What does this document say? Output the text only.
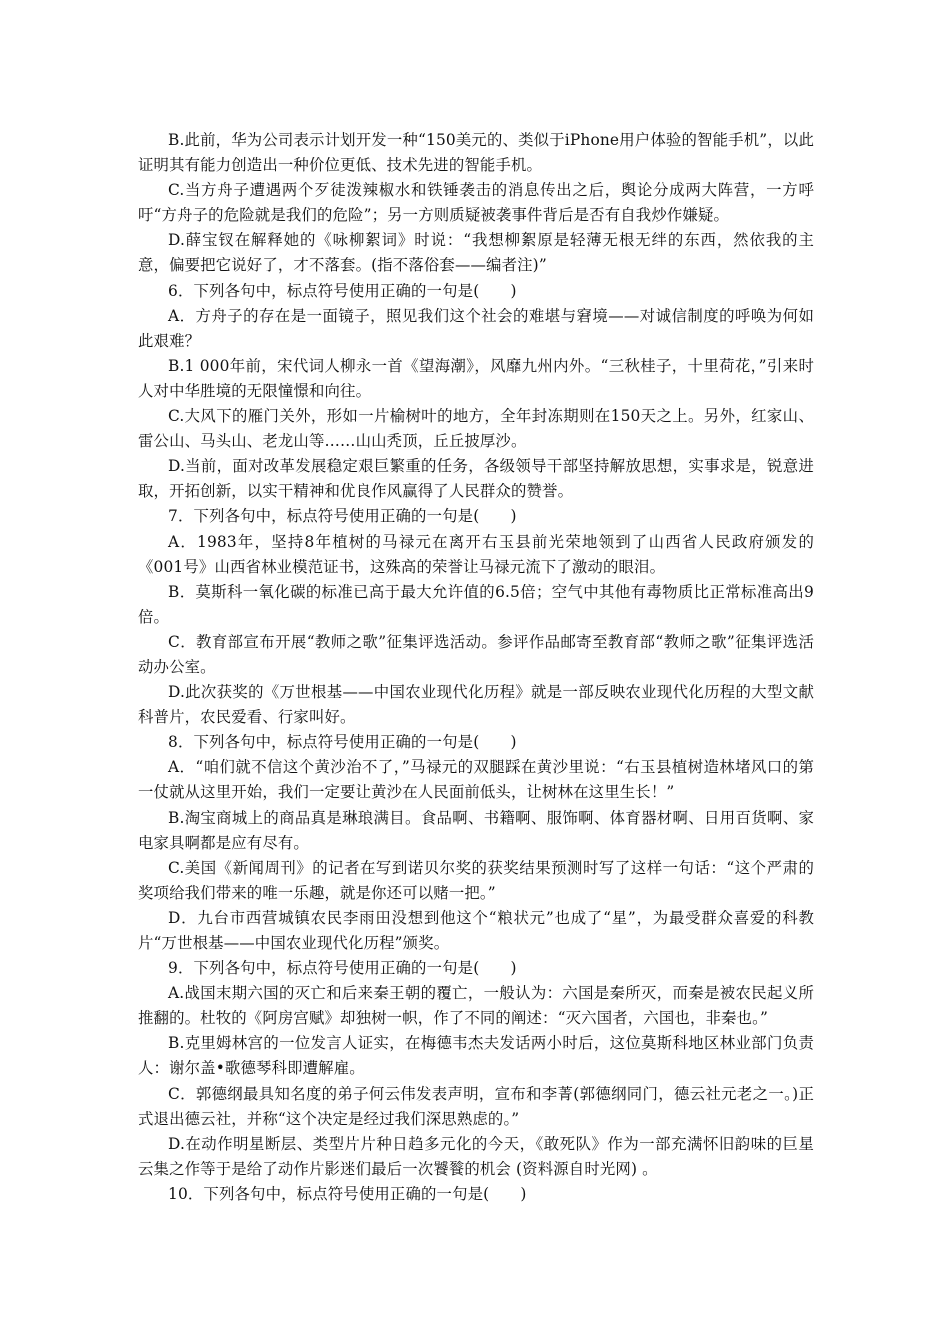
B.此前，华为公司表示计划开发一种“150美元的、类似于iPhone用户体验的智能手机”，以此证明其有能力创造出一种价位更低、技术先进的智能手机。

C.当方舟子遭遇两个歹徒泼辣椒水和铁锤袭击的消息传出之后，舆论分成两大阵营，一方呼吁“方舟子的危险就是我们的危险”；另一方则质疑被袭事件背后是否有自我炒作嫌疑。

D.薛宝钗在解释她的《咏柳絮词》时说：“我想柳絮原是轻薄无根无绊的东西，然依我的主意，偏要把它说好了，才不落套。(指不落俗套——编者注)”

6．下列各句中，标点符号使用正确的一句是(　　)

A．方舟子的存在是一面镜子，照见我们这个社会的难堪与窘境——对诚信制度的呼唤为何如此艰难？

B.1 000年前，宋代词人柳永一首《望海潮》，风靡九州内外。“三秋桂子，十里荷花，”引来时人对中华胜境的无限憧憬和向往。

C.大风下的雁门关外，形如一片榆树叶的地方，全年封冻期则在150天之上。另外，红家山、雷公山、马头山、老龙山等……山山秃顶，丘丘披厚沙。

D.当前，面对改革发展稳定艰巨繁重的任务，各级领导干部坚持解放思想，实事求是，锐意进取，开拓创新，以实干精神和优良作风赢得了人民群众的赞誉。

7．下列各句中，标点符号使用正确的一句是(　　)

A．1983年，坚持8年植树的马禄元在离开右玉县前光荣地领到了山西省人民政府颁发的《001号》山西省林业模范证书，这殊高的荣誉让马禄元流下了激动的眼泪。

B．莫斯科一氧化碳的标准已高于最大允许值的6.5倍；空气中其他有毒物质比正常标准高出9倍。

C．教育部宣布开展“教师之歌”征集评选活动。参评作品邮寄至教育部“教师之歌”征集评选活动办公室。

D.此次获奖的《万世根基——中国农业现代化历程》就是一部反映农业现代化历程的大型文献科普片，农民爱看、行家叫好。

8．下列各句中，标点符号使用正确的一句是(　　)

A．“咱们就不信这个黄沙治不了，”马禄元的双腿踩在黄沙里说：“右玉县植树造林堵风口的第一仗就从这里开始，我们一定要让黄沙在人民面前低头，让树林在这里生长！”

B.淘宝商城上的商品真是琳琅满目。食品啊、书籍啊、服饰啊、体育器材啊、日用百货啊、家电家具啊都是应有尽有。

C.美国《新闻周刊》的记者在写到诺贝尔奖的获奖结果预测时写了这样一句话：“这个严肃的奖项给我们带来的唯一乐趣，就是你还可以赌一把。”

D．九台市西营城镇农民李雨田没想到他这个“粮状元”也成了“星”，为最受群众喜爱的科教片“万世根基——中国农业现代化历程”颁奖。

9．下列各句中，标点符号使用正确的一句是(　　)

A.战国末期六国的灭亡和后来秦王朝的覆亡，一般认为：六国是秦所灭，而秦是被农民起义所推翻的。杜牧的《阿房宫赋》却独树一帜，作了不同的阐述：“灭六国者，六国也，非秦也。”

B.克里姆林宫的一位发言人证实，在梅德韦杰夫发话两小时后，这位莫斯科地区林业部门负责人：谢尔盖•歌德琴科即遭解雇。

C．郭德纲最具知名度的弟子何云伟发表声明，宣布和李菁(郭德纲同门，德云社元老之一。)正式退出德云社，并称“这个决定是经过我们深思熟虑的。”

D.在动作明星断层、类型片片种日趋多元化的今天，《敢死队》作为一部充满怀旧韵味的巨星云集之作等于是给了动作片影迷们最后一次饕餮的机会 (资料源自时光网) 。

10．下列各句中，标点符号使用正确的一句是(　　)
